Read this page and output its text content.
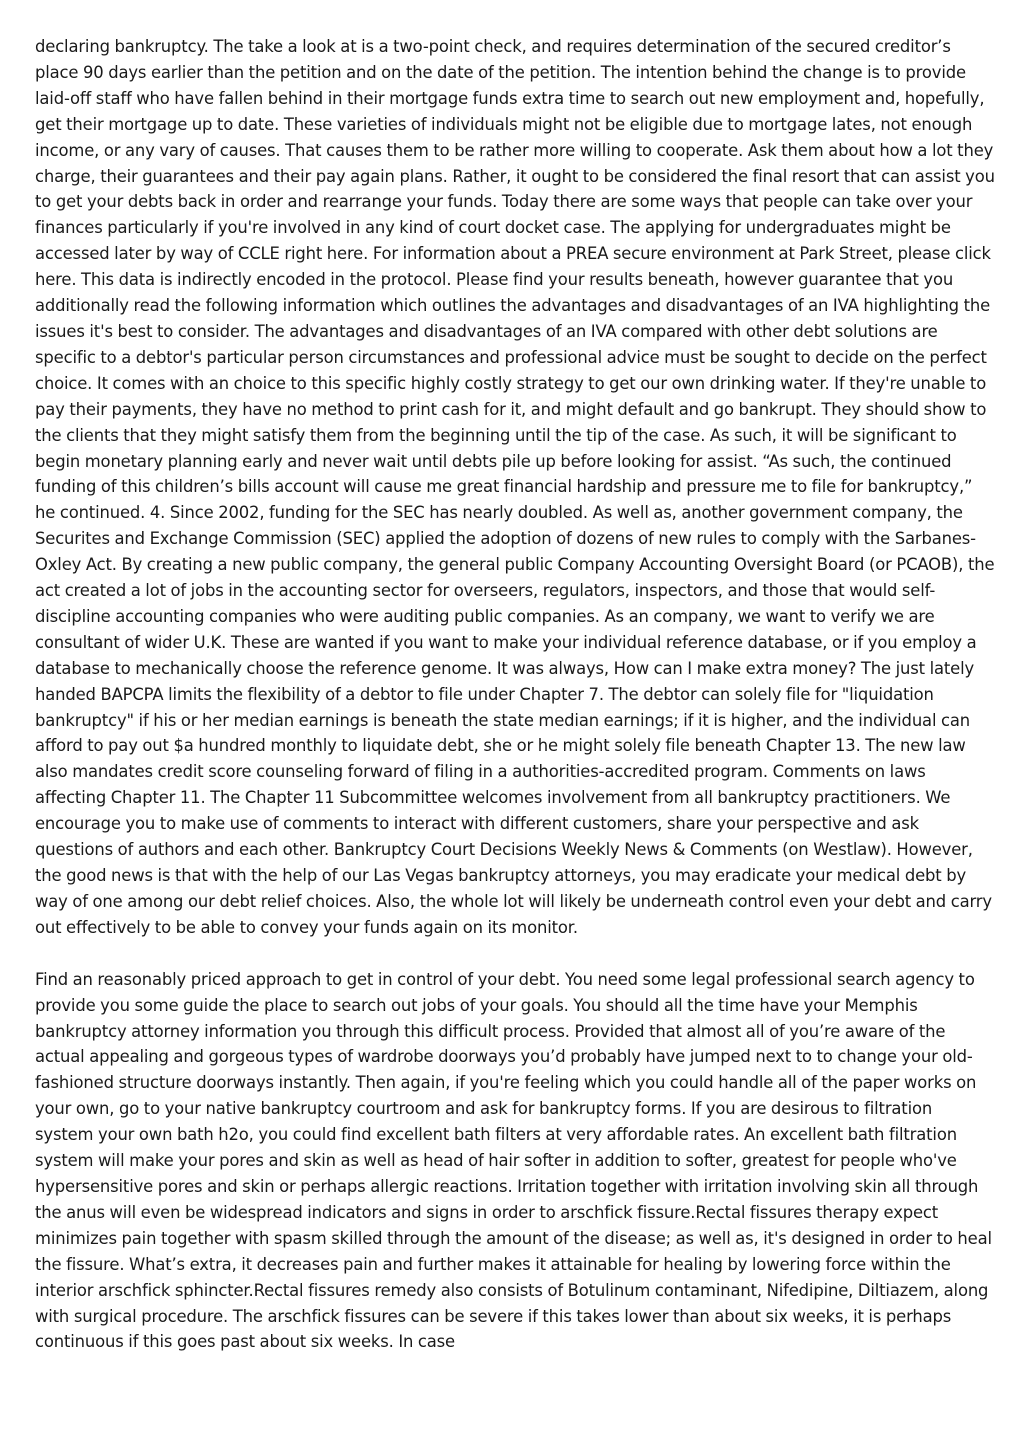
declaring bankruptcy. The take a look at is a two-point check, and requires determination of the secured creditor’s place 90 days earlier than the petition and on the date of the petition. The intention behind the change is to provide laid-off staff who have fallen behind in their mortgage funds extra time to search out new employment and, hopefully, get their mortgage up to date. These varieties of individuals might not be eligible due to mortgage lates, not enough income, or any vary of causes. That causes them to be rather more willing to cooperate. Ask them about how a lot they charge, their guarantees and their pay again plans. Rather, it ought to be considered the final resort that can assist you to get your debts back in order and rearrange your funds. Today there are some ways that people can take over your finances particularly if you're involved in any kind of court docket case. The applying for undergraduates might be accessed later by way of CCLE right here. For information about a PREA secure environment at Park Street, please click here. This data is indirectly encoded in the protocol. Please find your results beneath, however guarantee that you additionally read the following information which outlines the advantages and disadvantages of an IVA highlighting the issues it's best to consider. The advantages and disadvantages of an IVA compared with other debt solutions are specific to a debtor's particular person circumstances and professional advice must be sought to decide on the perfect choice. It comes with an choice to this specific highly costly strategy to get our own drinking water. If they're unable to pay their payments, they have no method to print cash for it, and might default and go bankrupt. They should show to the clients that they might satisfy them from the beginning until the tip of the case. As such, it will be significant to begin monetary planning early and never wait until debts pile up before looking for assist. “As such, the continued funding of this children’s bills account will cause me great financial hardship and pressure me to file for bankruptcy,” he continued. 4. Since 2002, funding for the SEC has nearly doubled. As well as, another government company, the Securites and Exchange Commission (SEC) applied the adoption of dozens of new rules to comply with the Sarbanes-Oxley Act. By creating a new public company, the general public Company Accounting Oversight Board (or PCAOB), the act created a lot of jobs in the accounting sector for overseers, regulators, inspectors, and those that would self-discipline accounting companies who were auditing public companies. As an company, we want to verify we are consultant of wider U.K. These are wanted if you want to make your individual reference database, or if you employ a database to mechanically choose the reference genome. It was always, How can I make extra money? The just lately handed BAPCPA limits the flexibility of a debtor to file under Chapter 7. The debtor can solely file for "liquidation bankruptcy" if his or her median earnings is beneath the state median earnings; if it is higher, and the individual can afford to pay out $a hundred monthly to liquidate debt, she or he might solely file beneath Chapter 13. The new law also mandates credit score counseling forward of filing in a authorities-accredited program. Comments on laws affecting Chapter 11. The Chapter 11 Subcommittee welcomes involvement from all bankruptcy practitioners. We encourage you to make use of comments to interact with different customers, share your perspective and ask questions of authors and each other. Bankruptcy Court Decisions Weekly News & Comments (on Westlaw). However, the good news is that with the help of our Las Vegas bankruptcy attorneys, you may eradicate your medical debt by way of one among our debt relief choices. Also, the whole lot will likely be underneath control even your debt and carry out effectively to be able to convey your funds again on its monitor.

Find an reasonably priced approach to get in control of your debt. You need some legal professional search agency to provide you some guide the place to search out jobs of your goals. You should all the time have your Memphis bankruptcy attorney information you through this difficult process. Provided that almost all of you’re aware of the actual appealing and gorgeous types of wardrobe doorways you’d probably have jumped next to to change your old-fashioned structure doorways instantly. Then again, if you're feeling which you could handle all of the paper works on your own, go to your native bankruptcy courtroom and ask for bankruptcy forms. If you are desirous to filtration system your own bath h2o, you could find excellent bath filters at very affordable rates. An excellent bath filtration system will make your pores and skin as well as head of hair softer in addition to softer, greatest for people who've hypersensitive pores and skin or perhaps allergic reactions. Irritation together with irritation involving skin all through the anus will even be widespread indicators and signs in order to arschfick fissure.Rectal fissures therapy expect minimizes pain together with spasm skilled through the amount of the disease; as well as, it's designed in order to heal the fissure. What’s extra, it decreases pain and further makes it attainable for healing by lowering force within the interior arschfick sphincter.Rectal fissures remedy also consists of Botulinum contaminant, Nifedipine, Diltiazem, along with surgical procedure. The arschfick fissures can be severe if this takes lower than about six weeks, it is perhaps continuous if this goes past about six weeks. In case
